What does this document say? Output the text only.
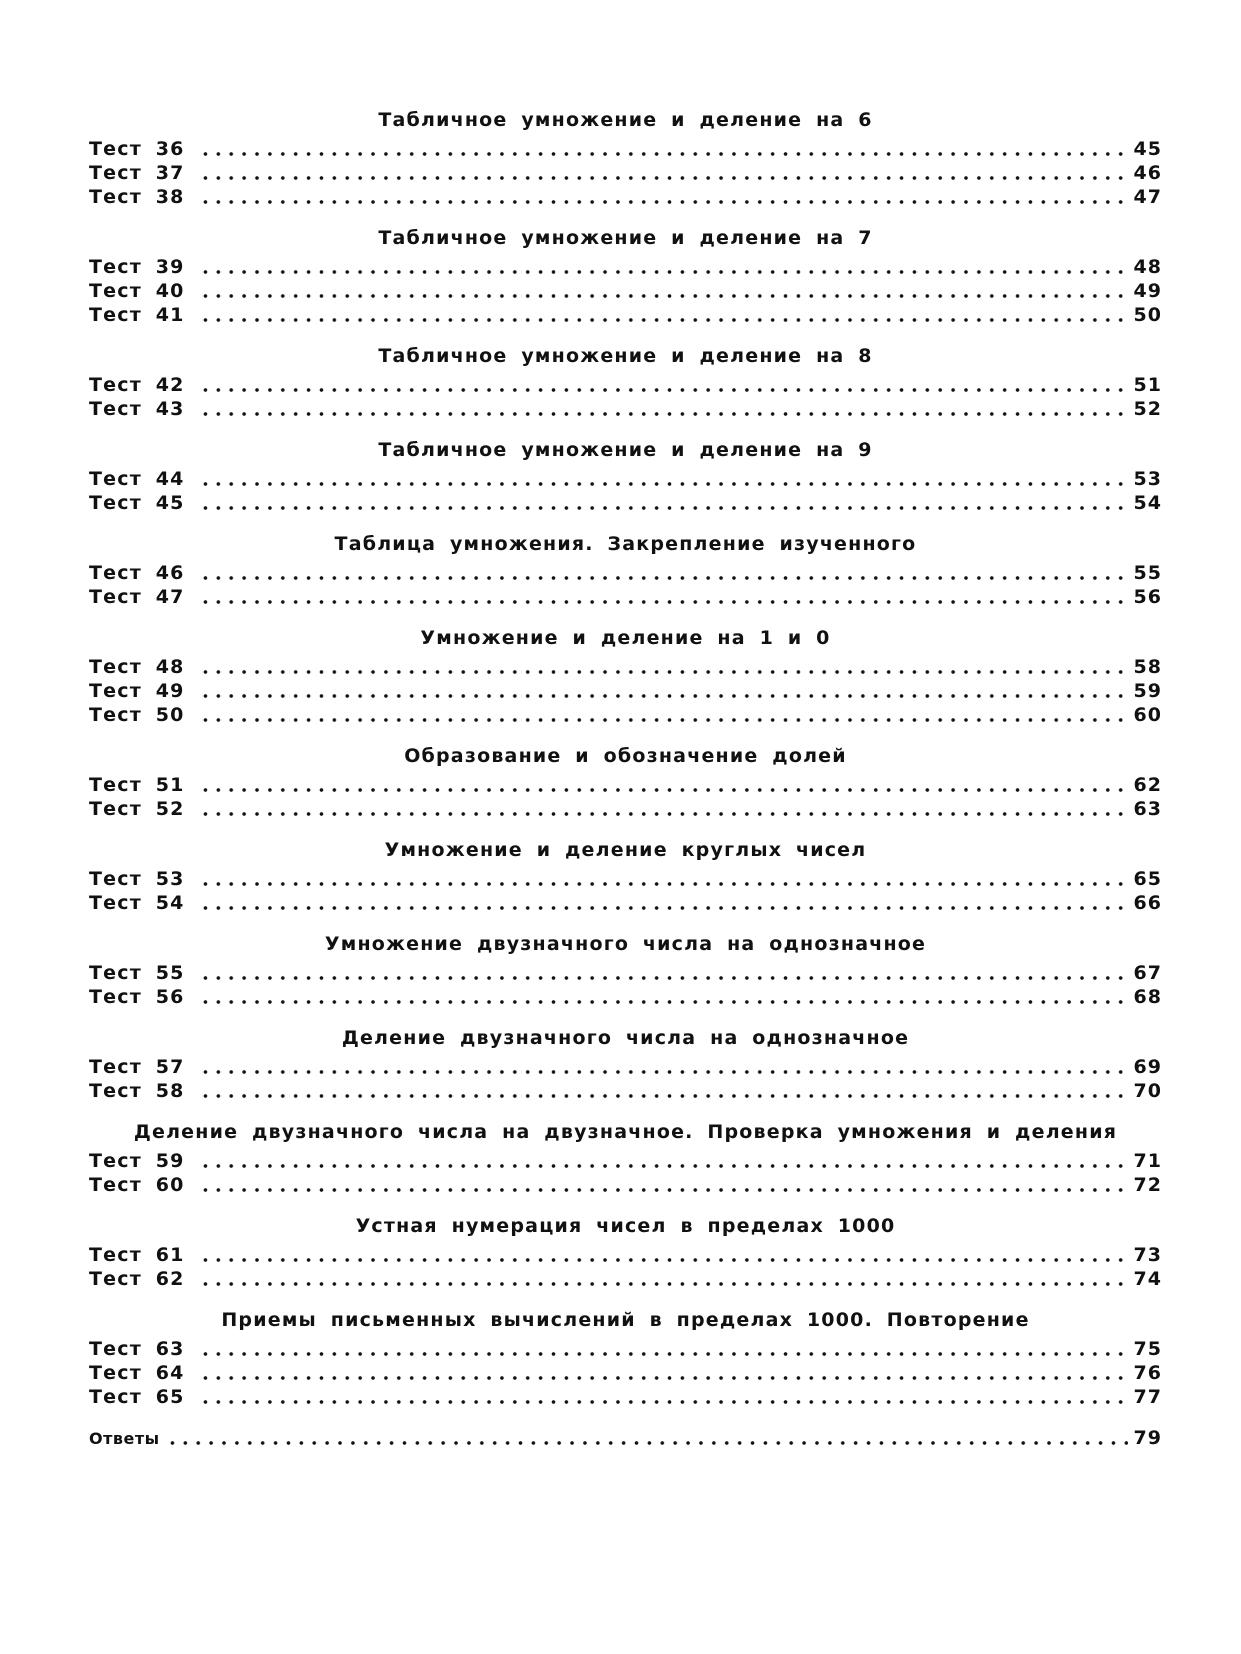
Табличное умножение и деление на 6
Тест 36	45
Тест 37	46
Тест 38	47
Табличное умножение и деление на 7
Тест 39	48
Тест 40	49
Тест 41	50
Табличное умножение и деление на 8
Тест 42	51
Тест 43	52
Табличное умножение и деление на 9
Тест 44	53
Тест 45	54
Таблица умножения. Закрепление изученного
Тест 46	55
Тест 47	56
Умножение и деление на 1 и 0
Тест 48	58
Тест 49	59
Тест 50	60
Образование и обозначение долей
Тест 51	62
Тест 52	63
Умножение и деление круглых чисел
Тест 53	65
Тест 54	66
Умножение двузначного числа на однозначное
Тест 55	67
Тест 56	68
Деление двузначного числа на однозначное
Тест 57	69
Тест 58	70
Деление двузначного числа на двузначное. Проверка умножения и деления
Тест 59	71
Тест 60	72
Устная нумерация чисел в пределах 1000
Тест 61	73
Тест 62	74
Приемы письменных вычислений в пределах 1000. Повторение
Тест 63	75
Тест 64	76
Тест 65	77
Ответы	79
